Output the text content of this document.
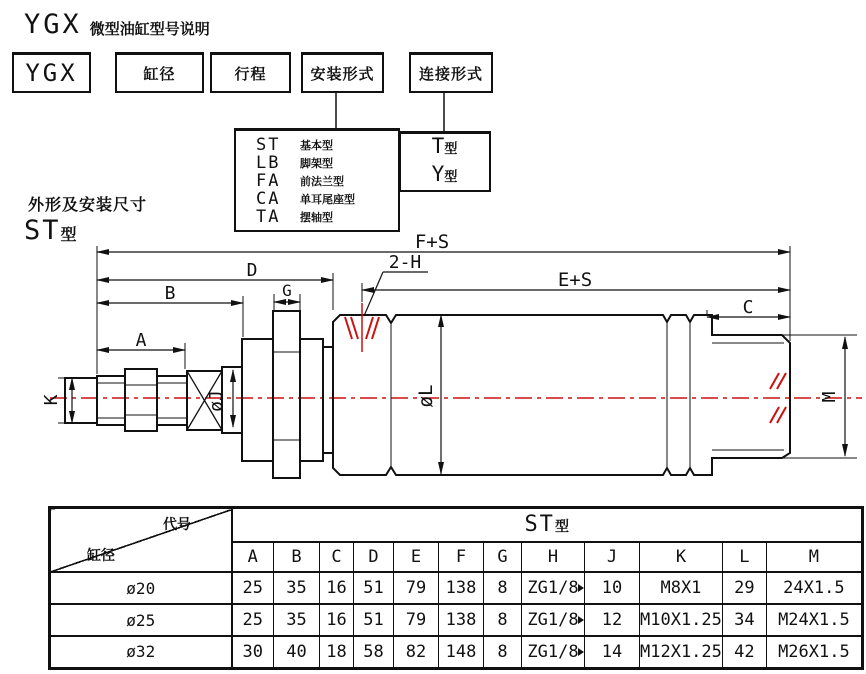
F+S
D
B	G
A
2-H
E+S
C
K	øJ	øL	M
YGX 微型油缸型号说明
YGX	缸径	行程	安装形式	连接形式
ST	基本型
LB	脚架型
FA	前法兰型
CA	单耳尾座型
TA	摆轴型
T型
Y型
外形及安装尺寸
ST 型
代号
缸径	ST型											
	A	B	C	D	E	F	G	H	J	K	L	M
ø20	25	35	16	51	79	138	8	ZG1/8	10	M8X1	29	24X1.5
ø25	25	35	16	51	79	138	8	ZG1/8	12	M10X1.25	34	M24X1.5
ø32	30	40	18	58	82	148	8	ZG1/8	14	M12X1.25	42	M26X1.5
